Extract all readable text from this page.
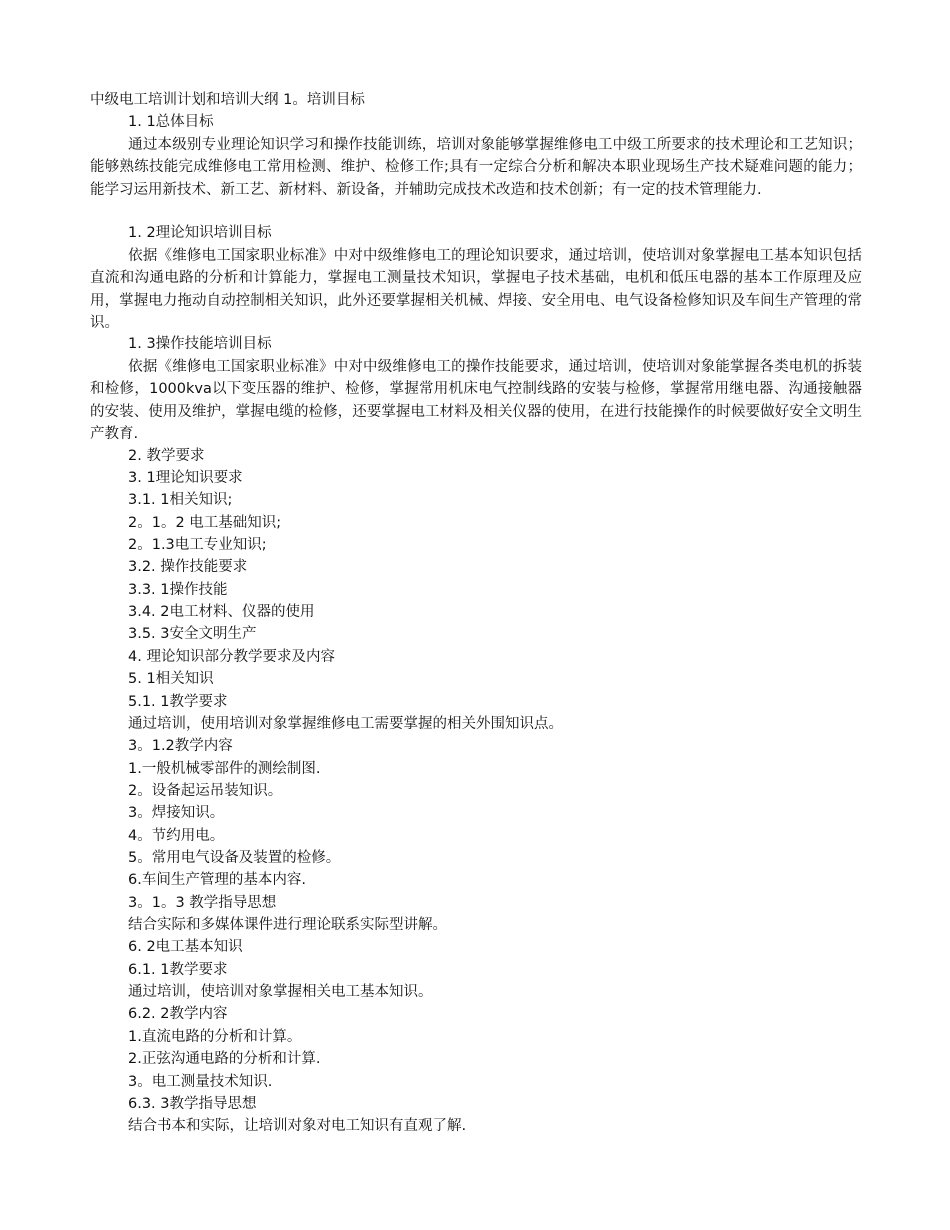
中级电工培训计划和培训大纲 1。培训目标
1. 1总体目标
通过本级别专业理论知识学习和操作技能训练，培训对象能够掌握维修电工中级工所要求的技术理论和工艺知识；能够熟练技能完成维修电工常用检测、维护、检修工作;具有一定综合分析和解决本职业现场生产技术疑难问题的能力；能学习运用新技术、新工艺、新材料、新设备，并辅助完成技术改造和技术创新；有一定的技术管理能力.
1. 2理论知识培训目标
依据《维修电工国家职业标准》中对中级维修电工的理论知识要求，通过培训，使培训对象掌握电工基本知识包括直流和沟通电路的分析和计算能力，掌握电工测量技术知识，掌握电子技术基础，电机和低压电器的基本工作原理及应用，掌握电力拖动自动控制相关知识，此外还要掌握相关机械、焊接、安全用电、电气设备检修知识及车间生产管理的常识。
1. 3操作技能培训目标
依据《维修电工国家职业标准》中对中级维修电工的操作技能要求，通过培训，使培训对象能掌握各类电机的拆装和检修，1000kva以下变压器的维护、检修，掌握常用机床电气控制线路的安装与检修，掌握常用继电器、沟通接触器的安装、使用及维护，掌握电缆的检修，还要掌握电工材料及相关仪器的使用，在进行技能操作的时候要做好安全文明生产教育.
2. 教学要求
3. 1理论知识要求
3.1. 1相关知识;
2。1。2 电工基础知识;
2。1.3电工专业知识;
3.2. 操作技能要求
3.3. 1操作技能
3.4. 2电工材料、仪器的使用
3.5. 3安全文明生产
4. 理论知识部分教学要求及内容
5. 1相关知识
5.1. 1教学要求
通过培训，使用培训对象掌握维修电工需要掌握的相关外围知识点。
3。1.2教学内容
1.一般机械零部件的测绘制图.
2。设备起运吊装知识。
3。焊接知识。
4。节约用电。
5。常用电气设备及装置的检修。
6.车间生产管理的基本内容.
3。1。3 教学指导思想
结合实际和多媒体课件进行理论联系实际型讲解。
6. 2电工基本知识
6.1. 1教学要求
通过培训，使培训对象掌握相关电工基本知识。
6.2. 2教学内容
1.直流电路的分析和计算。
2.正弦沟通电路的分析和计算.
3。电工测量技术知识.
6.3. 3教学指导思想
结合书本和实际，让培训对象对电工知识有直观了解.
